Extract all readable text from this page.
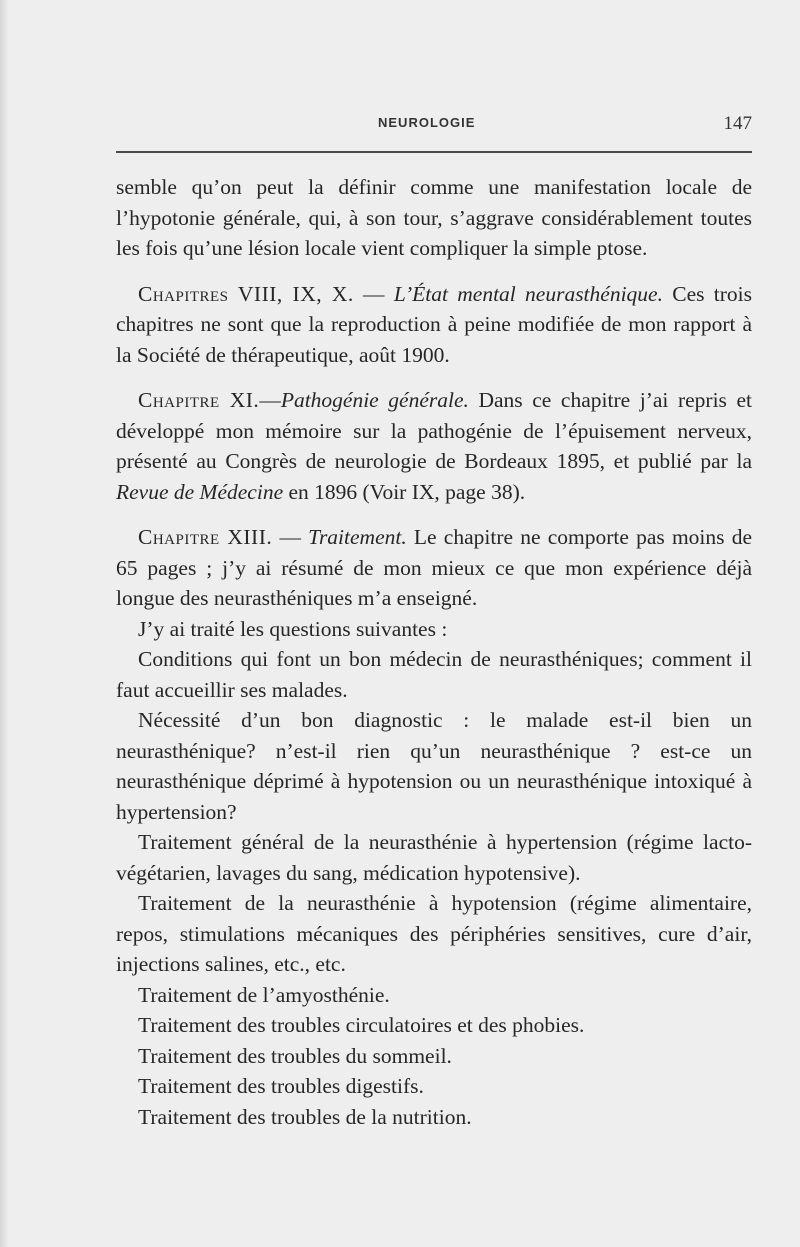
NEUROLOGIE	147

semble qu’on peut la définir comme une manifestation locale de l’hypotonie générale, qui, à son tour, s’aggrave considérablement toutes les fois qu’une lésion locale vient compliquer la simple ptose.

Chapitres VIII, IX, X. — L’État mental neurasthénique. Ces trois chapitres ne sont que la reproduction à peine modifiée de mon rapport à la Société de thérapeutique, août 1900.

Chapitre XI.—Pathogénie générale. Dans ce chapitre j’ai repris et développé mon mémoire sur la pathogénie de l’épuisement nerveux, présenté au Congrès de neurologie de Bordeaux 1895, et publié par la Revue de Médecine en 1896 (Voir IX, page 38).

Chapitre XIII. — Traitement. Le chapitre ne comporte pas moins de 65 pages ; j’y ai résumé de mon mieux ce que mon expérience déjà longue des neurasthéniques m’a enseigné.

J’y ai traité les questions suivantes :

Conditions qui font un bon médecin de neurasthéniques; comment il faut accueillir ses malades.

Nécessité d’un bon diagnostic : le malade est-il bien un neurasthénique? n’est-il rien qu’un neurasthénique ? est-ce un neurasthénique déprimé à hypotension ou un neurasthénique intoxiqué à hypertension?

Traitement général de la neurasthénie à hypertension (régime lacto-végétarien, lavages du sang, médication hypotensive).

Traitement de la neurasthénie à hypotension (régime alimentaire, repos, stimulations mécaniques des périphéries sensitives, cure d’air, injections salines, etc., etc.

Traitement de l’amyosthénie.
Traitement des troubles circulatoires et des phobies.
Traitement des troubles du sommeil.
Traitement des troubles digestifs.
Traitement des troubles de la nutrition.
